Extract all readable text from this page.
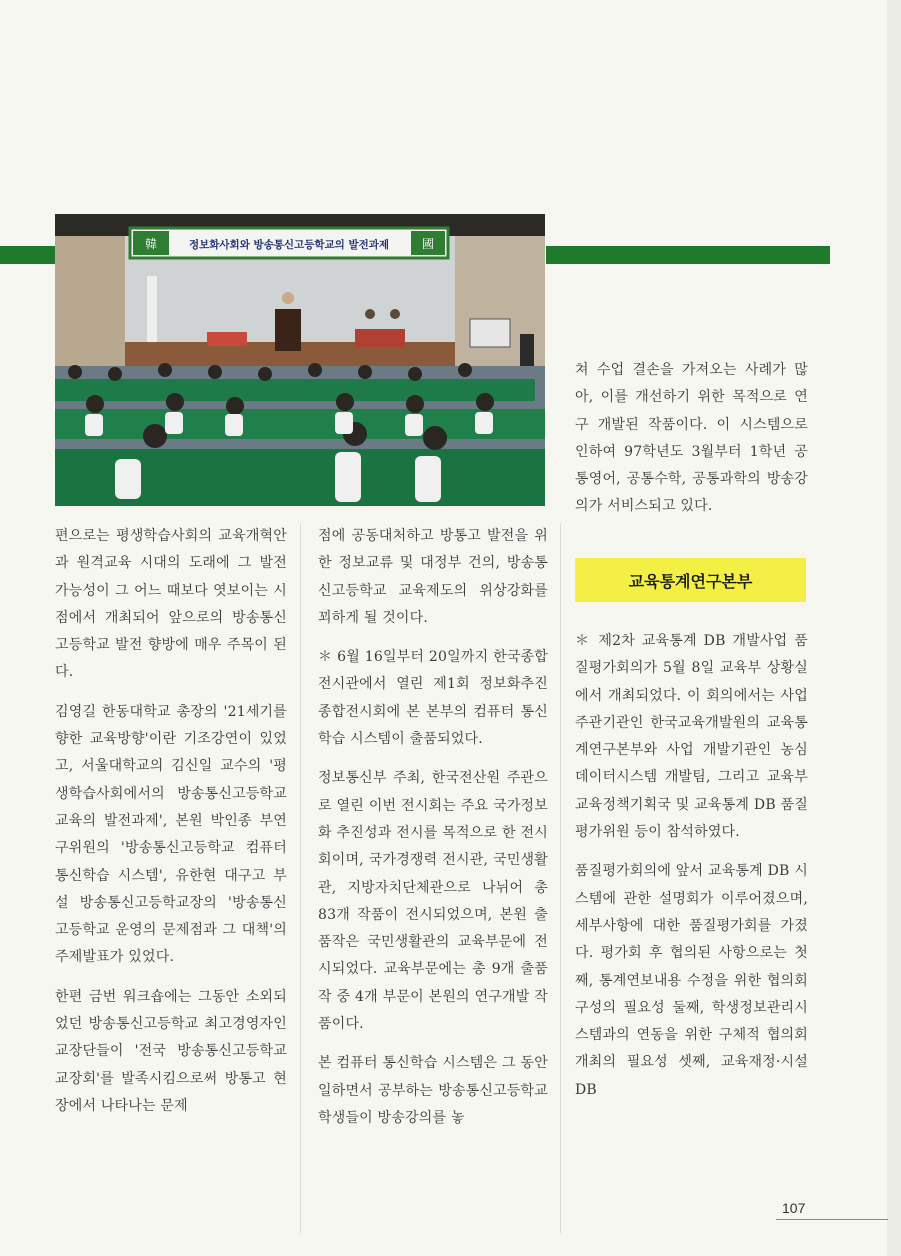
韓	國
정보화사회와 방송통신고등학교의 발전과제

편으로는 평생학습사회의 교육개혁안과 원격교육 시대의 도래에 그 발전 가능성이 그 어느 때보다 엿보이는 시점에서 개최되어 앞으로의 방송통신고등학교 발전 향방에 매우 주목이 된다.

김영길 한동대학교 총장의 '21세기를 향한 교육방향'이란 기조강연이 있었고, 서울대학교의 김신일 교수의 '평생학습사회에서의 방송통신고등학교 교육의 발전과제', 본원 박인종 부연구위원의 '방송통신고등학교 컴퓨터 통신학습 시스템', 유한현 대구고 부설 방송통신고등학교장의 '방송통신고등학교 운영의 문제점과 그 대책'의 주제발표가 있었다.

한편 금번 워크숍에는 그동안 소외되었던 방송통신고등학교 최고경영자인 교장단들이 '전국 방송통신고등학교 교장회'를 발족시킴으로써 방통고 현장에서 나타나는 문제

점에 공동대처하고 방통고 발전을 위한 정보교류 및 대정부 건의, 방송통신고등학교 교육제도의 위상강화를 꾀하게 될 것이다.

＊ 6월 16일부터 20일까지 한국종합전시관에서 열린 제1회 정보화추진 종합전시회에 본 본부의 컴퓨터 통신학습 시스템이 출품되었다.

정보통신부 주최, 한국전산원 주관으로 열린 이번 전시회는 주요 국가정보화 추진성과 전시를 목적으로 한 전시회이며, 국가경쟁력 전시관, 국민생활관, 지방자치단체관으로 나뉘어 총 83개 작품이 전시되었으며, 본원 출품작은 국민생활관의 교육부문에 전시되었다. 교육부문에는 총 9개 출품작 중 4개 부문이 본원의 연구개발 작품이다.

본 컴퓨터 통신학습 시스템은 그 동안 일하면서 공부하는 방송통신고등학교 학생들이 방송강의를 놓

쳐 수업 결손을 가져오는 사례가 많아, 이를 개선하기 위한 목적으로 연구 개발된 작품이다. 이 시스템으로 인하여 97학년도 3월부터 1학년 공통영어, 공통수학, 공통과학의 방송강의가 서비스되고 있다.

교육통계연구본부

＊ 제2차 교육통계 DB 개발사업 품질평가회의가 5월 8일 교육부 상황실에서 개최되었다. 이 회의에서는 사업 주관기관인 한국교육개발원의 교육통계연구본부와 사업 개발기관인 농심데이터시스템 개발팀, 그리고 교육부 교육정책기획국 및 교육통계 DB 품질평가위원 등이 참석하였다.

품질평가회의에 앞서 교육통계 DB 시스템에 관한 설명회가 이루어졌으며, 세부사항에 대한 품질평가회를 가졌다. 평가회 후 협의된 사항으로는 첫째, 통계연보내용 수정을 위한 협의회 구성의 필요성 둘째, 학생정보관리시스템과의 연동을 위한 구체적 협의회 개최의 필요성 셋째, 교육재정·시설 DB

107
